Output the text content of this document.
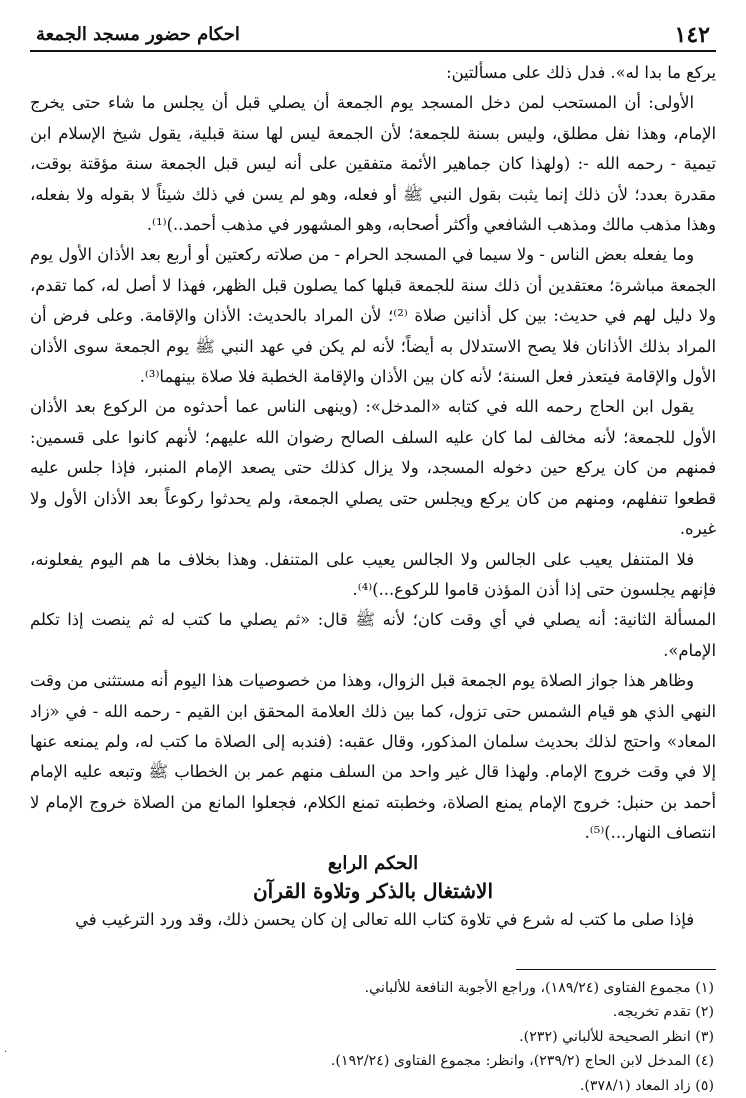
١٤٢
احكام حضور مسجد الجمعة

يركع ما بدا له». فدل ذلك على مسألتين:

الأولى: أن المستحب لمن دخل المسجد يوم الجمعة أن يصلي قبل أن يجلس ما شاء حتى يخرج الإمام، وهذا نفل مطلق، وليس بسنة للجمعة؛ لأن الجمعة ليس لها سنة قبلية، يقول شيخ الإسلام ابن تيمية - رحمه الله -: (ولهذا كان جماهير الأئمة متفقين على أنه ليس قبل الجمعة سنة مؤقتة بوقت، مقدرة بعدد؛ لأن ذلك إنما يثبت بقول النبي ﷺ أو فعله، وهو لم يسن في ذلك شيئاً لا بقوله ولا بفعله، وهذا مذهب مالك ومذهب الشافعي وأكثر أصحابه، وهو المشهور في مذهب أحمد..)⁽¹⁾.

وما يفعله بعض الناس - ولا سيما في المسجد الحرام - من صلاته ركعتين أو أربع بعد الأذان الأول يوم الجمعة مباشرة؛ معتقدين أن ذلك سنة للجمعة قبلها كما يصلون قبل الظهر، فهذا لا أصل له، كما تقدم، ولا دليل لهم في حديث: بين كل أذانين صلاة ⁽²⁾؛ لأن المراد بالحديث: الأذان والإقامة. وعلى فرض أن المراد بذلك الأذانان فلا يصح الاستدلال به أيضاً؛ لأنه لم يكن في عهد النبي ﷺ يوم الجمعة سوى الأذان الأول والإقامة فيتعذر فعل السنة؛ لأنه كان بين الأذان والإقامة الخطبة فلا صلاة بينهما⁽³⁾.

يقول ابن الحاج رحمه الله في كتابه «المدخل»: (وينهى الناس عما أحدثوه من الركوع بعد الأذان الأول للجمعة؛ لأنه مخالف لما كان عليه السلف الصالح رضوان الله عليهم؛ لأنهم كانوا على قسمين: فمنهم من كان يركع حين دخوله المسجد، ولا يزال كذلك حتى يصعد الإمام المنبر، فإذا جلس عليه قطعوا تنفلهم، ومنهم من كان يركع ويجلس حتى يصلي الجمعة، ولم يحدثوا ركوعاً بعد الأذان الأول ولا غيره.

فلا المتنفل يعيب على الجالس ولا الجالس يعيب على المتنفل. وهذا بخلاف ما هم اليوم يفعلونه، فإنهم يجلسون حتى إذا أذن المؤذن قاموا للركوع...)⁽⁴⁾.

المسألة الثانية: أنه يصلي في أي وقت كان؛ لأنه ﷺ قال: «ثم يصلي ما كتب له ثم ينصت إذا تكلم الإمام».

وظاهر هذا جواز الصلاة يوم الجمعة قبل الزوال، وهذا من خصوصيات هذا اليوم أنه مستثنى من وقت النهي الذي هو قيام الشمس حتى تزول، كما بين ذلك العلامة المحقق ابن القيم - رحمه الله - في «زاد المعاد» واحتج لذلك بحديث سلمان المذكور، وقال عقبه: (فندبه إلى الصلاة ما كتب له، ولم يمنعه عنها إلا في وقت خروج الإمام. ولهذا قال غير واحد من السلف منهم عمر بن الخطاب ﷺ وتبعه عليه الإمام أحمد بن حنبل: خروج الإمام يمنع الصلاة، وخطبته تمنع الكلام، فجعلوا المانع من الصلاة خروج الإمام لا انتصاف النهار...)⁽⁵⁾.

الحكم الرابع
الاشتغال بالذكر وتلاوة القرآن

فإذا صلى ما كتب له شرع في تلاوة كتاب الله تعالى إن كان يحسن ذلك، وقد ورد الترغيب في

(١) مجموع الفتاوى (١٨٩/٢٤)، وراجع الأجوبة النافعة للألباني.
(٢) تقدم تخريجه.
(٣) انظر الصحيحة للألباني (٢٣٢).
(٤) المدخل لابن الحاج (٢٣٩/٢)، وانظر: مجموع الفتاوى (١٩٢/٢٤).
(٥) زاد المعاد (٣٧٨/١).
·
